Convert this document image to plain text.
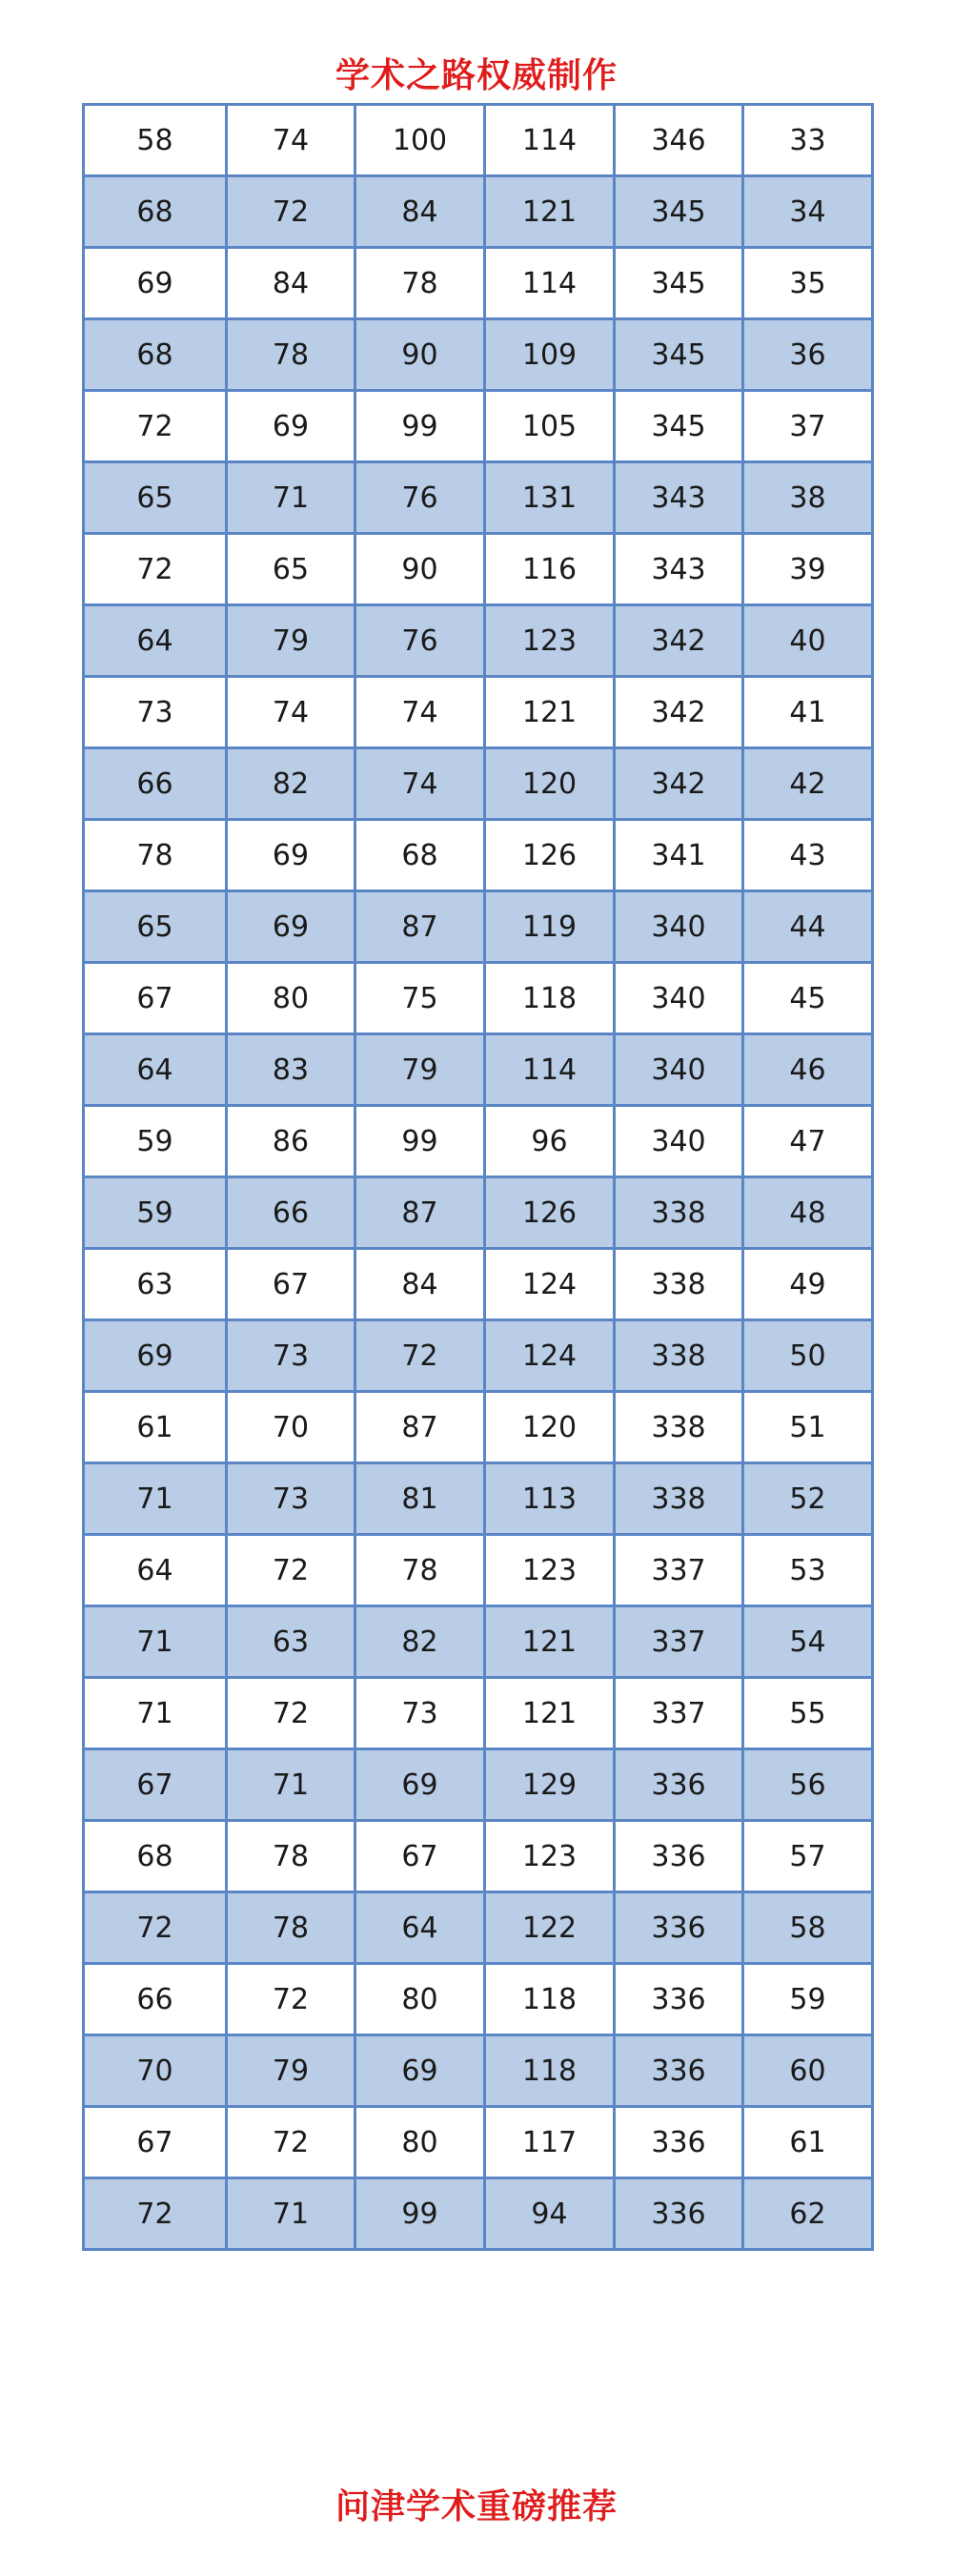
学术之路权威制作
58	74	100	114	346	33
68	72	84	121	345	34
69	84	78	114	345	35
68	78	90	109	345	36
72	69	99	105	345	37
65	71	76	131	343	38
72	65	90	116	343	39
64	79	76	123	342	40
73	74	74	121	342	41
66	82	74	120	342	42
78	69	68	126	341	43
65	69	87	119	340	44
67	80	75	118	340	45
64	83	79	114	340	46
59	86	99	96	340	47
59	66	87	126	338	48
63	67	84	124	338	49
69	73	72	124	338	50
61	70	87	120	338	51
71	73	81	113	338	52
64	72	78	123	337	53
71	63	82	121	337	54
71	72	73	121	337	55
67	71	69	129	336	56
68	78	67	123	336	57
72	78	64	122	336	58
66	72	80	118	336	59
70	79	69	118	336	60
67	72	80	117	336	61
72	71	99	94	336	62
问津学术重磅推荐
